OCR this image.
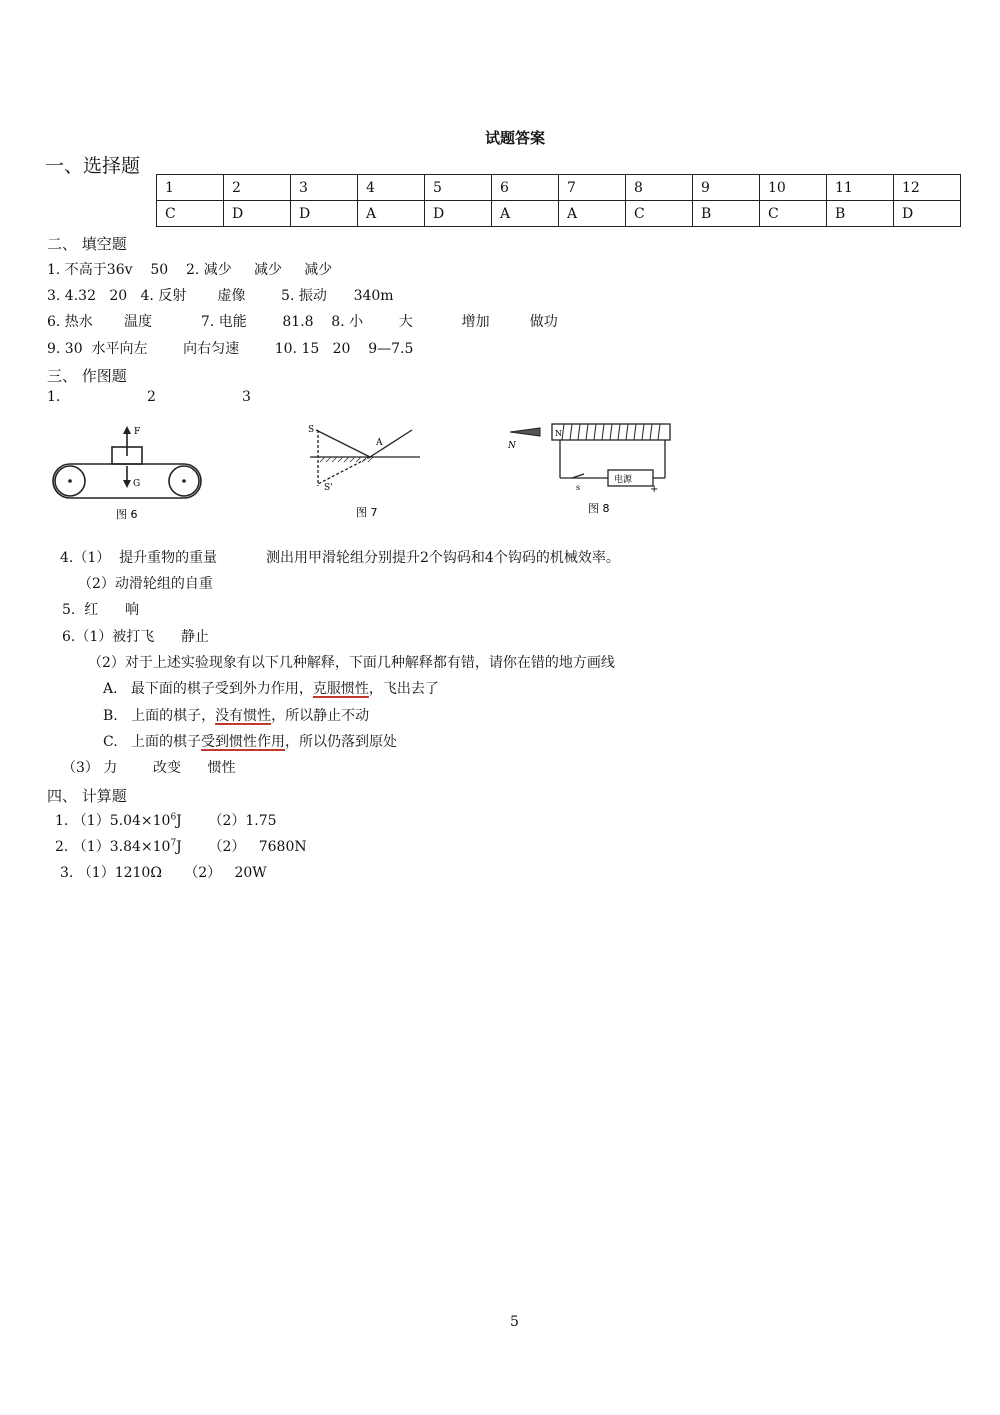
试题答案
一、选择题
1	2	3	4	5	6	7	8	9	10	11	12
C	D	D	A	D	A	A	C	B	C	B	D
二、 填空题
1. 不高于36v    50    2. 减少     减少     减少
3. 4.32   20   4. 反射       虚像        5. 振动      340m
6. 热水       温度           7. 电能        81.8    8. 小        大           增加         做功
9. 30  水平向左        向右匀速        10. 15   20    9—7.5
三、 作图题
1.	2	3
F
G
图 6
S
S'
A
图 7
N
N
s
电源
+
图 8
4.（1）  提升重物的重量	测出用甲滑轮组分别提升2个钩码和4个钩码的机械效率。
（2）动滑轮组的自重
5.  红      响
6.（1）被打飞      静止
（2）对于上述实验现象有以下几种解释，下面几种解释都有错，请你在错的地方画线
A.   最下面的棋子受到外力作用，克服惯性，飞出去了
B.   上面的棋子，没有惯性，所以静止不动
C.   上面的棋子受到惯性作用，所以仍落到原处
（3） 力        改变      惯性
四、 计算题
1. $(1)5.04\times 10^6J$      （2）1.75
2. $(1)3.84\times 10^7J$      （2）   7680N
3. （1）1210Ω     （2）   20W
5
